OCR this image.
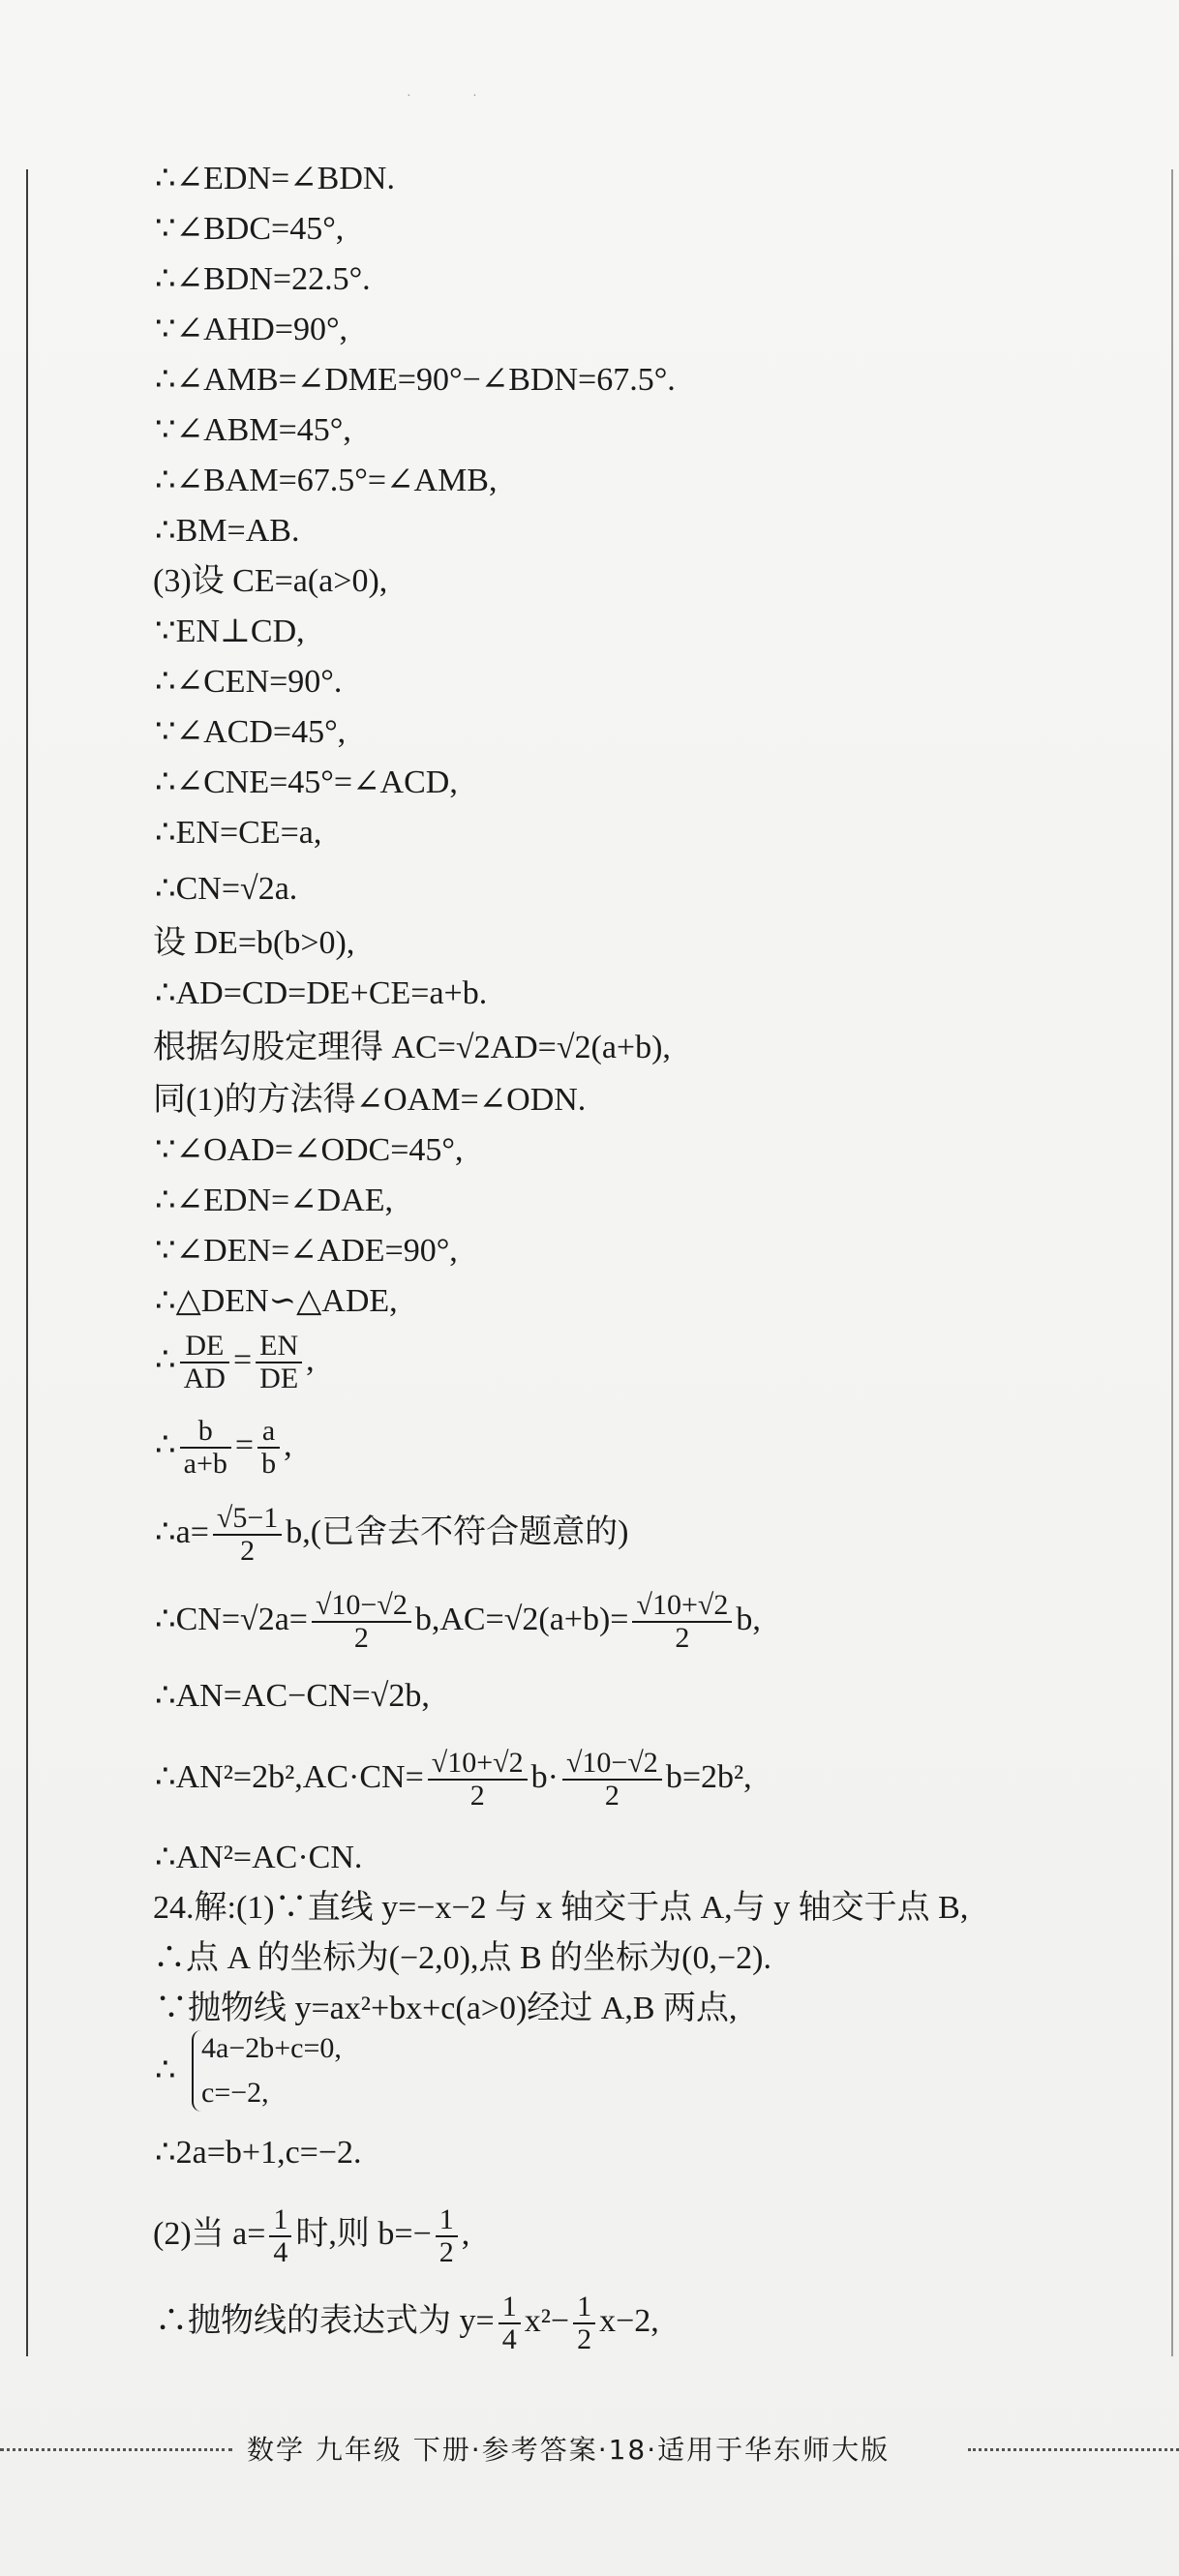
· ·
∴∠EDN=∠BDN.
∵∠BDC=45°,
∴∠BDN=22.5°.
∵∠AHD=90°,
∴∠AMB=∠DME=90°−∠BDN=67.5°.
∵∠ABM=45°,
∴∠BAM=67.5°=∠AMB,
∴BM=AB.
(3)设 CE=a(a>0),
∵EN⊥CD,
∴∠CEN=90°.
∵∠ACD=45°,
∴∠CNE=45°=∠ACD,
∴EN=CE=a,
∴CN=√2a.
设 DE=b(b>0),
∴AD=CD=DE+CE=a+b.
根据勾股定理得 AC=√2AD=√2(a+b),
同(1)的方法得∠OAM=∠ODN.
∵∠OAD=∠ODC=45°,
∴∠EDN=∠DAE,
∵∠DEN=∠ADE=90°,
∴△DEN∽△ADE,
∴ $\frac{DE}{AD} = \frac{EN}{DE}$ ,
∴ $\frac{b}{a+b} = \frac{a}{b}$ ,
∴a= $\frac{√5-1}{2} b$,(已舍去不符合题意的)
∴CN=√2a= $\frac{√10-√2}{2} b,AC=√2(a+b)= \frac{√10+√2}{2} b$,
∴AN=AC−CN=√2b,
∴AN²=2b²,AC·CN= $\frac{√10+√2}{2} b\cdot \frac{√10-√2}{2} b=2b^2$,
∴AN²=AC·CN.
24.解:(1)∵直线 y=−x−2 与 x 轴交于点 A,与 y 轴交于点 B,
∴点 A 的坐标为(−2,0),点 B 的坐标为(0,−2).
∵抛物线 y=ax²+bx+c(a>0)经过 A,B 两点,
∴
4a−2b+c=0,
c=−2,
∴2a=b+1,c=−2.
(2)当 $a= \frac{1}{4}$ 时,则 $b=- \frac{1}{2}$ ,
∴抛物线的表达式为 $y= \frac{1}{4} x^2- \frac{1}{2} x-2$,
数学 九年级 下册·参考答案·18·适用于华东师大版
